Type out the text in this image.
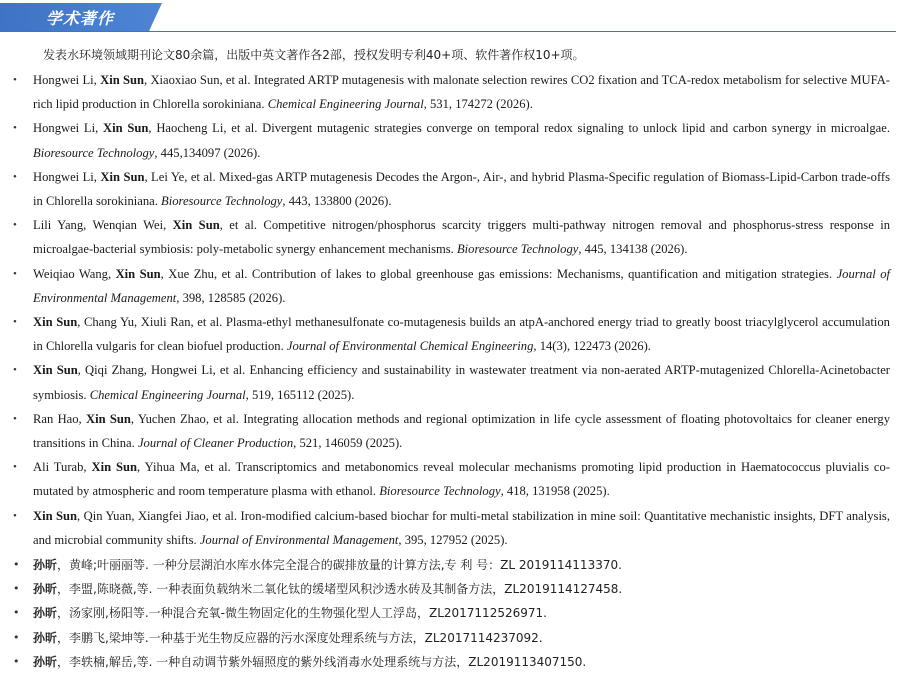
学术著作
发表水环境领域期刊论文80余篇，出版中英文著作各2部，授权发明专利40+项、软件著作权10+项。
• Hongwei Li, Xin Sun, Xiaoxiao Sun, et al. Integrated ARTP mutagenesis with malonate selection rewires CO2 fixation and TCA-redox metabolism for selective MUFA-rich lipid production in Chlorella sorokiniana. Chemical Engineering Journal, 531, 174272 (2026).
• Hongwei Li, Xin Sun, Haocheng Li, et al. Divergent mutagenic strategies converge on temporal redox signaling to unlock lipid and carbon synergy in microalgae. Bioresource Technology, 445,134097 (2026).
• Hongwei Li, Xin Sun, Lei Ye, et al. Mixed-gas ARTP mutagenesis Decodes the Argon-, Air-, and hybrid Plasma-Specific regulation of Biomass-Lipid-Carbon trade-offs in Chlorella sorokiniana. Bioresource Technology, 443, 133800 (2026).
• Lili Yang, Wenqian Wei, Xin Sun, et al. Competitive nitrogen/phosphorus scarcity triggers multi-pathway nitrogen removal and phosphorus-stress response in microalgae-bacterial symbiosis: poly-metabolic synergy enhancement mechanisms. Bioresource Technology, 445, 134138 (2026).
• Weiqiao Wang, Xin Sun, Xue Zhu, et al. Contribution of lakes to global greenhouse gas emissions: Mechanisms, quantification and mitigation strategies. Journal of Environmental Management, 398, 128585 (2026).
• Xin Sun, Chang Yu, Xiuli Ran, et al. Plasma-ethyl methanesulfonate co-mutagenesis builds an atpA-anchored energy triad to greatly boost triacylglycerol accumulation in Chlorella vulgaris for clean biofuel production. Journal of Environmental Chemical Engineering, 14(3), 122473 (2026).
• Xin Sun, Qiqi Zhang, Hongwei Li, et al. Enhancing efficiency and sustainability in wastewater treatment via non-aerated ARTP-mutagenized Chlorella-Acinetobacter symbiosis. Chemical Engineering Journal, 519, 165112 (2025).
• Ran Hao, Xin Sun, Yuchen Zhao, et al. Integrating allocation methods and regional optimization in life cycle assessment of floating photovoltaics for cleaner energy transitions in China. Journal of Cleaner Production, 521, 146059 (2025).
• Ali Turab, Xin Sun, Yihua Ma, et al. Transcriptomics and metabonomics reveal molecular mechanisms promoting lipid production in Haematococcus pluvialis co-mutated by atmospheric and room temperature plasma with ethanol. Bioresource Technology, 418, 131958 (2025).
• Xin Sun, Qin Yuan, Xiangfei Jiao, et al. Iron-modified calcium-based biochar for multi-metal stabilization in mine soil: Quantitative mechanistic insights, DFT analysis, and microbial community shifts. Journal of Environmental Management, 395, 127952 (2025).
• 孙昕，黄峰;叶丽丽等. 一种分层湖泊水库水体完全混合的碳排放量的计算方法,专 利 号：ZL 2019114113370.
• 孙昕，李盟,陈晓薇,等. 一种表面负载纳米二氧化钛的缓堵型风积沙透水砖及其制备方法，ZL2019114127458.
• 孙昕，汤家刚,杨阳等.一种混合充氧-微生物固定化的生物强化型人工浮岛，ZL2017112526971.
• 孙昕，李鹏飞,梁坤等.一种基于光生物反应器的污水深度处理系统与方法，ZL2017114237092.
• 孙昕，李轶楠,解岳,等. 一种自动调节紫外辐照度的紫外线消毒水处理系统与方法，ZL2019113407150.
